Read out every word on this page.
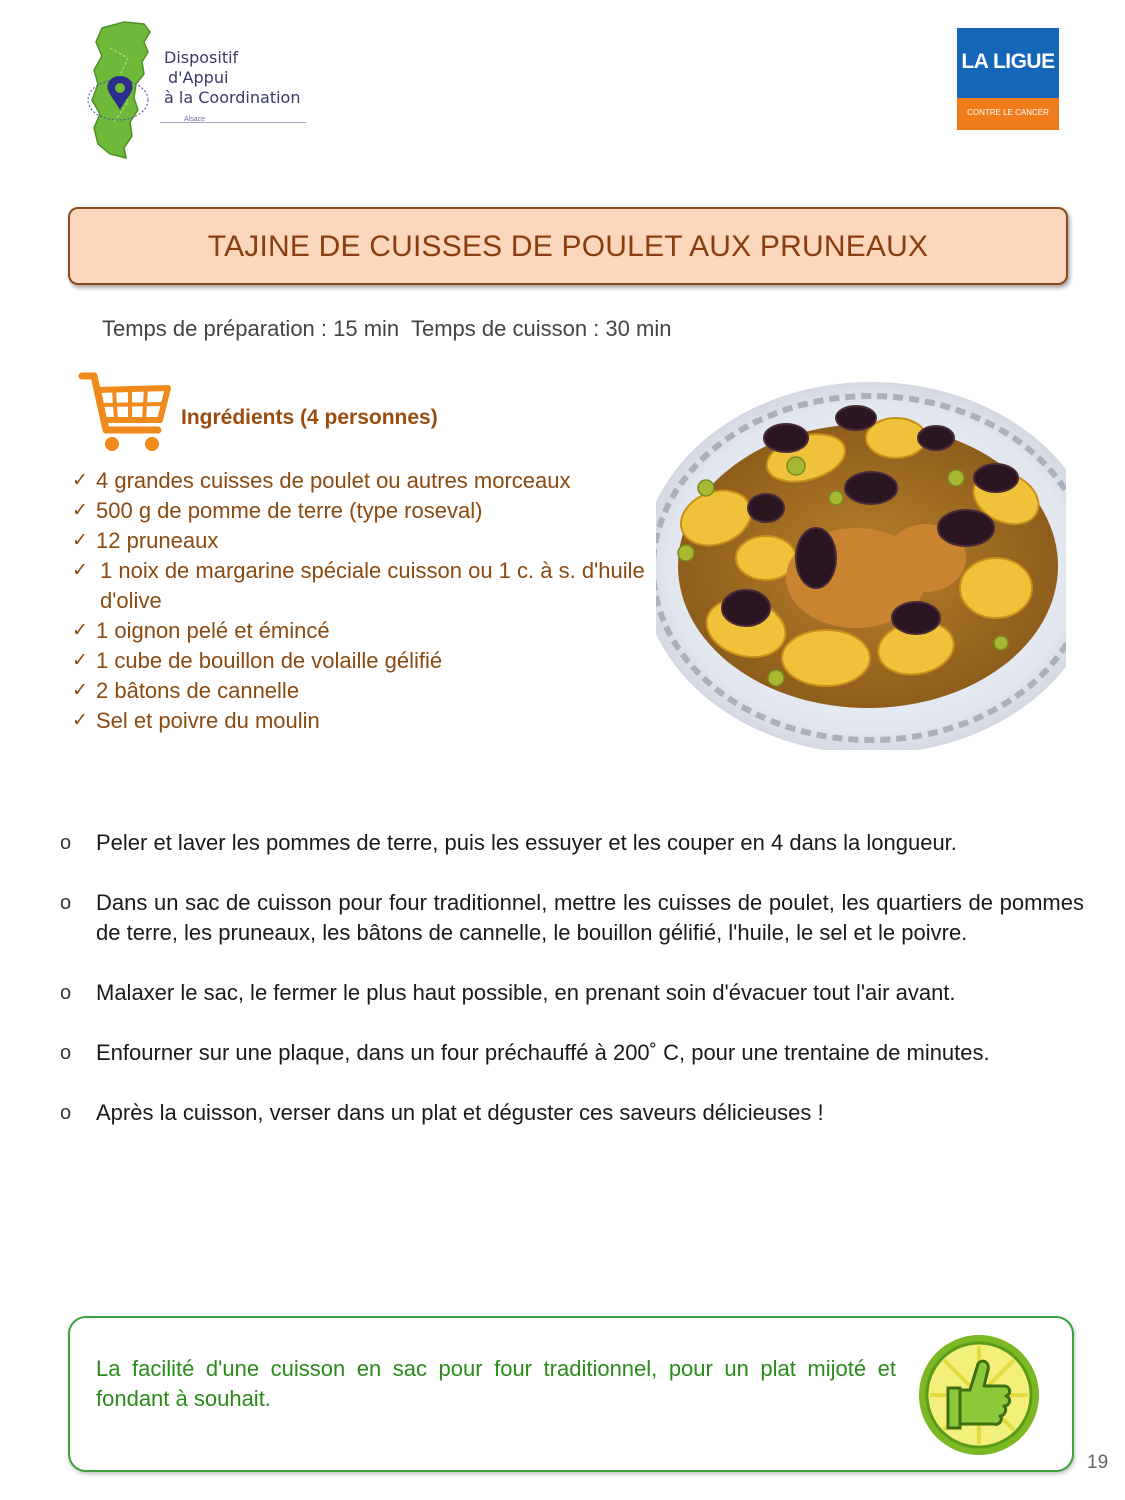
Dispositif
d'Appui
à la Coordination
Alsace
LA LIGUE
CONTRE LE CANCER
TAJINE DE CUISSES DE POULET AUX PRUNEAUX
Temps de préparation : 15 min  Temps de cuisson : 30 min
Ingrédients (4 personnes)
✓ 4 grandes cuisses de poulet ou autres morceaux
✓ 500 g de pomme de terre (type roseval)
✓ 12 pruneaux
✓ 1 noix de margarine spéciale cuisson ou 1 c. à s. d'huile d'olive
✓ 1 oignon pelé et émincé
✓ 1 cube de bouillon de volaille gélifié
✓ 2 bâtons de cannelle
✓ Sel et poivre du moulin
o Peler et laver les pommes de terre, puis les essuyer et les couper en 4 dans la longueur.
o Dans un sac de cuisson pour four traditionnel, mettre les cuisses de poulet, les quartiers de pommes de terre, les pruneaux, les bâtons de cannelle, le bouillon gélifié, l'huile, le sel et le poivre.
o Malaxer le sac, le fermer le plus haut possible, en prenant soin d'évacuer tout l'air avant.
o Enfourner sur une plaque, dans un four préchauffé à 200˚ C, pour une trentaine de minutes.
o Après la cuisson, verser dans un plat et déguster ces saveurs délicieuses !
La facilité d'une cuisson en sac pour four traditionnel, pour un plat mijoté et fondant à souhait.
19
